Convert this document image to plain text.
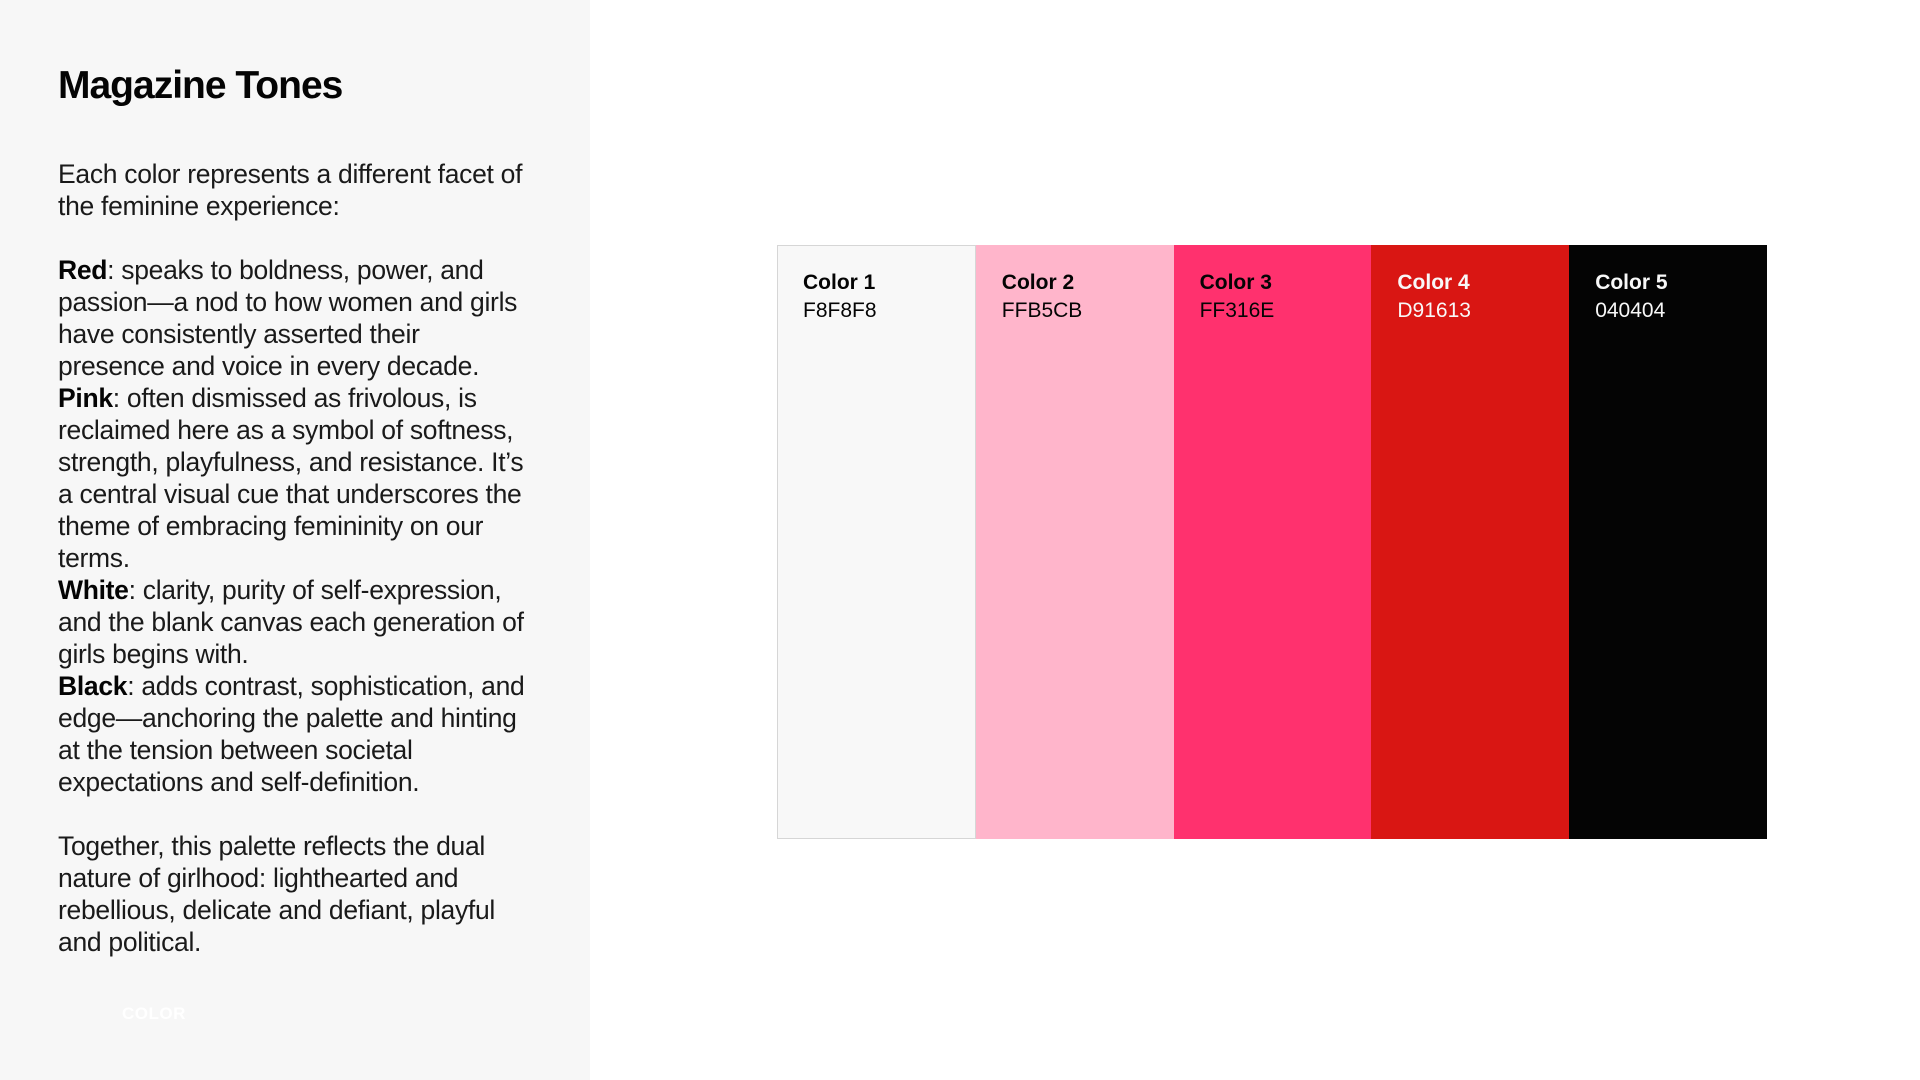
Magazine Tones

Each color represents a different facet of the feminine experience:

Red: speaks to boldness, power, and passion—a nod to how women and girls have consistently asserted their presence and voice in every decade.

Pink: often dismissed as frivolous, is reclaimed here as a symbol of softness, strength, playfulness, and resistance. It’s a central visual cue that underscores the theme of embracing femininity on our terms.

White: clarity, purity of self-expression, and the blank canvas each generation of girls begins with.

Black: adds contrast, sophistication, and edge—anchoring the palette and hinting at the tension between societal expectations and self-definition.

Together, this palette reflects the dual nature of girlhood: lighthearted and rebellious, delicate and defiant, playful and political.

COLOR
Color 1
F8F8F8
Color 2
FFB5CB
Color 3
FF316E
Color 4
D91613
Color 5
040404
